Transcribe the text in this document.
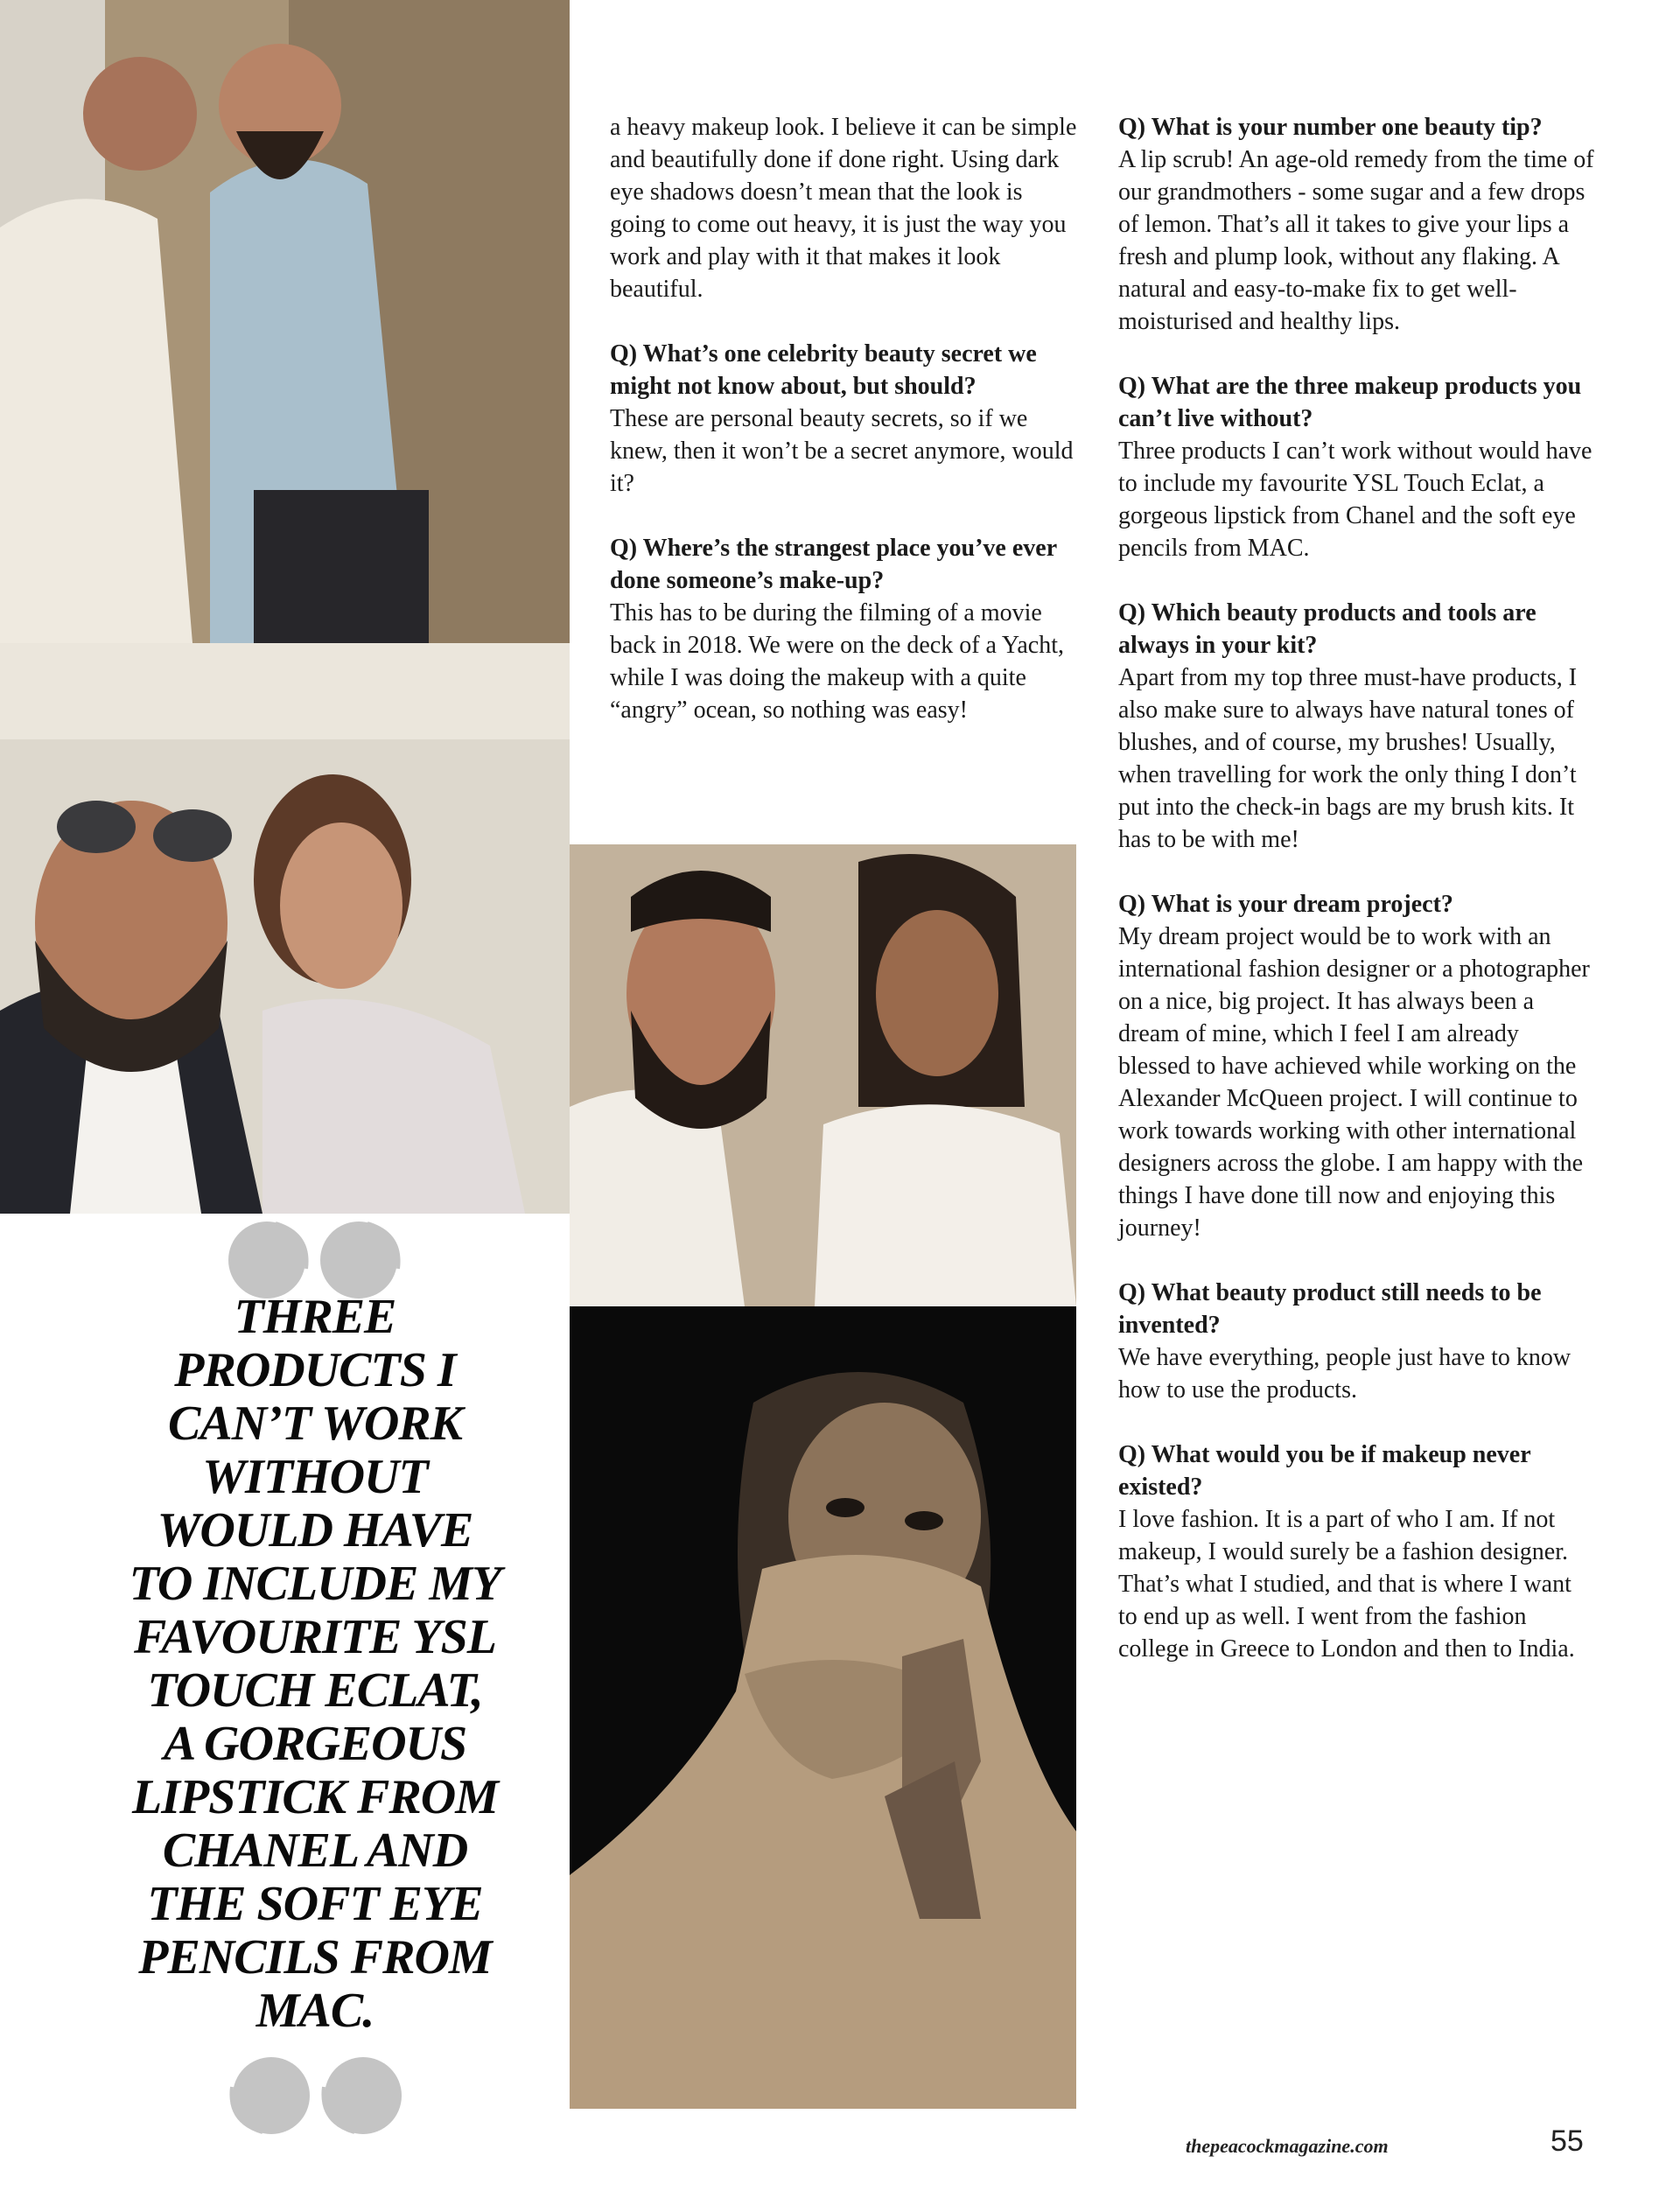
a heavy makeup look. I believe it can be simple and beautifully done if done right. Using dark eye shadows doesn’t mean that the look is going to come out heavy, it is just the way you work and play with it that makes it look beautiful.

Q) What’s one celebrity beauty secret we might not know about, but should?
These are personal beauty secrets, so if we knew, then it won’t be a secret anymore, would it?
Q) Where’s the strangest place you’ve ever done someone’s make-up?
This has to be during the filming of a movie back in 2018. We were on the deck of a Yacht, while I was doing the makeup with a quite “angry” ocean, so nothing was easy!
Q) What is your number one beauty tip?
A lip scrub! An age-old remedy from the time of our grandmothers - some sugar and a few drops of lemon. That’s all it takes to give your lips a fresh and plump look, without any flaking. A natural and easy-to-make fix to get well-moisturised and healthy lips.
Q) What are the three makeup products you can’t live without?
Three products I can’t work without would have to include my favourite YSL Touch Eclat, a gorgeous lipstick from Chanel and the soft eye pencils from MAC.
Q) Which beauty products and tools are always in your kit?
Apart from my top three must-have products, I also make sure to always have natural tones of blushes, and of course, my brushes! Usually, when travelling for work the only thing I don’t put into the check-in bags are my brush kits. It has to be with me!
Q) What is your dream project?
My dream project would be to work with an international fashion designer or a photographer on a nice, big project. It has always been a dream of mine, which I feel I am already blessed to have achieved while working on the Alexander McQueen project. I will continue to work towards working with other international designers across the globe. I am happy with the things I have done till now and enjoying this journey!
Q) What beauty product still needs to be invented?
We have everything, people just have to know how to use the products.
Q) What would you be if makeup never existed?
I love fashion. It is a part of who I am. If not makeup, I would surely be a fashion designer. That’s what I studied, and that is where I want to end up as well. I went from the fashion college in Greece to London and then to India.
THREE
PRODUCTS I
CAN’T WORK
WITHOUT
WOULD HAVE
TO INCLUDE MY
FAVOURITE YSL
TOUCH ECLAT,
A GORGEOUS
LIPSTICK FROM
CHANEL AND
THE SOFT EYE
PENCILS FROM
MAC.
thepeacockmagazine.com	55
